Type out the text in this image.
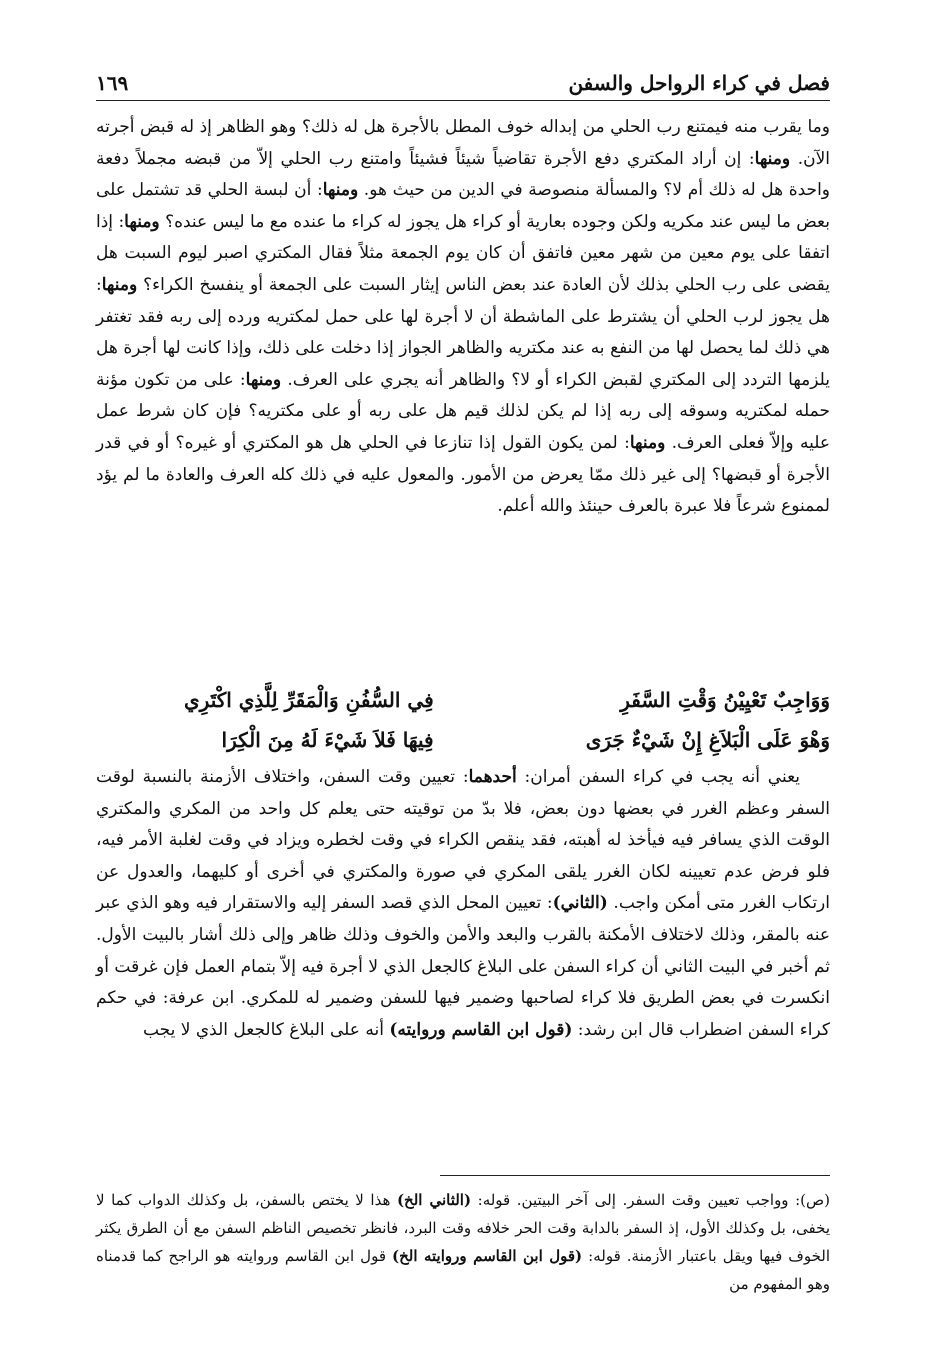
١٦٩	فصل في كراء الرواحل والسفن

وما يقرب منه فيمتنع رب الحلي من إبداله خوف المطل بالأجرة هل له ذلك؟ وهو الظاهر إذ له قبض أجرته الآن. ومنها: إن أراد المكتري دفع الأجرة تقاضياً شيئاً فشيئاً وامتنع رب الحلي إلاّ من قبضه مجملاً دفعة واحدة هل له ذلك أم لا؟ والمسألة منصوصة في الدين من حيث هو. ومنها: أن لبسة الحلي قد تشتمل على بعض ما ليس عند مكريه ولكن وجوده بعارية أو كراء هل يجوز له كراء ما عنده مع ما ليس عنده؟ ومنها: إذا اتفقا على يوم معين من شهر معين فاتفق أن كان يوم الجمعة مثلاً فقال المكتري اصبر ليوم السبت هل يقضى على رب الحلي بذلك لأن العادة عند بعض الناس إيثار السبت على الجمعة أو ينفسخ الكراء؟ ومنها: هل يجوز لرب الحلي أن يشترط على الماشطة أن لا أجرة لها على حمل لمكتريه ورده إلى ربه فقد تغتفر هي ذلك لما يحصل لها من النفع به عند مكتريه والظاهر الجواز إذا دخلت على ذلك، وإذا كانت لها أجرة هل يلزمها التردد إلى المكتري لقبض الكراء أو لا؟ والظاهر أنه يجري على العرف. ومنها: على من تكون مؤنة حمله لمكتريه وسوقه إلى ربه إذا لم يكن لذلك قيم هل على ربه أو على مكتريه؟ فإن كان شرط عمل عليه وإلاّ فعلى العرف. ومنها: لمن يكون القول إذا تنازعا في الحلي هل هو المكتري أو غيره؟ أو في قدر الأجرة أو قبضها؟ إلى غير ذلك ممّا يعرض من الأمور. والمعول عليه في ذلك كله العرف والعادة ما لم يؤد لممنوع شرعاً فلا عبرة بالعرف حينئذ والله أعلم.

وَوَاجِبٌ تَعْيِيْنُ وَقْتِ السَّفَرِ
فِي السُّفُنِ وَالْمَقَرِّ لِلَّذِي اكْتَرِي
وَهْوَ عَلَى الْبَلاَغِ إِنْ شَيْءٌ جَرَى
فِيهَا فَلاَ شَيْءَ لَهُ مِنَ الْكِرَا

يعني أنه يجب في كراء السفن أمران: أحدهما: تعيين وقت السفن، واختلاف الأزمنة بالنسبة لوقت السفر وعظم الغرر في بعضها دون بعض، فلا بدّ من توقيته حتى يعلم كل واحد من المكري والمكتري الوقت الذي يسافر فيه فيأخذ له أهبته، فقد ينقص الكراء في وقت لخطره ويزاد في وقت لغلبة الأمر فيه، فلو فرض عدم تعيينه لكان الغرر يلقى المكري في صورة والمكتري في أخرى أو كليهما، والعدول عن ارتكاب الغرر متى أمكن واجب. (الثاني): تعيين المحل الذي قصد السفر إليه والاستقرار فيه وهو الذي عبر عنه بالمقر، وذلك لاختلاف الأمكنة بالقرب والبعد والأمن والخوف وذلك ظاهر وإلى ذلك أشار بالبيت الأول. ثم أخبر في البيت الثاني أن كراء السفن على البلاغ كالجعل الذي لا أجرة فيه إلاّ بتمام العمل فإن غرقت أو انكسرت في بعض الطريق فلا كراء لصاحبها وضمير فيها للسفن وضمير له للمكري. ابن عرفة: في حكم كراء السفن اضطراب قال ابن رشد: (قول ابن القاسم وروايته) أنه على البلاغ كالجعل الذي لا يجب

(ص): وواجب تعيين وقت السفر. إلى آخر البيتين. قوله: (الثاني الخ) هذا لا يختص بالسفن، بل وكذلك الدواب كما لا يخفى، بل وكذلك الأول، إذ السفر بالدابة وقت الحر خلافه وقت البرد، فانظر تخصيص الناظم السفن مع أن الطرق يكثر الخوف فيها ويقل باعتبار الأزمنة. قوله: (قول ابن القاسم وروايته الخ) قول ابن القاسم وروايته هو الراجح كما قدمناه وهو المفهوم من
